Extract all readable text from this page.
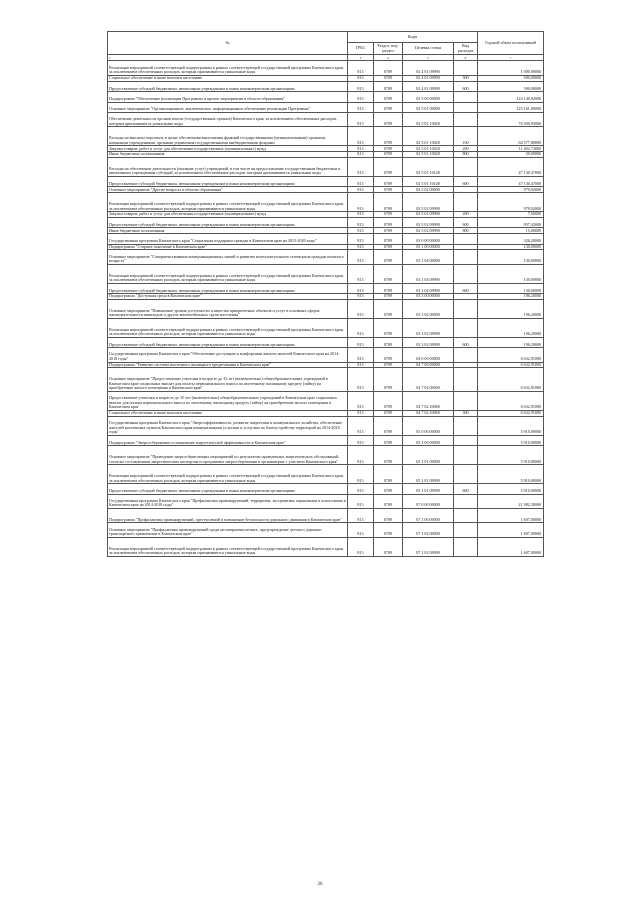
№	Коды				Годовой объем ассигнований
	ГРБС	Раздел, под-раздел	Целевая статья	Вид расходов	
1	3	4	5	6	7
Реализация мероприятий соответствующей подпрограммы в рамках соответствующей государственной программы Камчатского края, за исключением обеспеченных расходов, которым присваиваются уникальные коды	813	0709	02 4 01 09990		1 000,00000
Социальное обеспечение и иные выплаты населению	813	0709	02 4 01 09990	300	500,00000
Предоставление субсидий бюджетным, автономным учреждениям и иным некоммерческим организациям	813	0709	02 4 01 09990	600	500,00000
Подпрограмма "Обеспечение реализации Программы и прочие мероприятия в области образования"	813	0709	02 5 00 00000		124 140,92000
Основное мероприятие "Организационное, аналитическое, информационное обеспечение реализации Программы"	813	0709	02 5 01 00000		123 161,00000
Обеспечение деятельности органов власти (государственных органов) Камчатского края, за исключением обеспеченных расходов, которым присваиваются уникальные коды	813	0709	02 5 01 10020		76 030,93000
Расходы на выплаты персоналу в целях обеспечения выполнения функций государственными (муниципальными) органами, казенными учреждениями, органами управления государственными внебюджетными фондами	813	0709	02 5 01 10020	100	64 577,80000
Закупка товаров, работ и услуг для обеспечения государственных (муниципальных) нужд	813	0709	02 5 01 10020	200	11 402,73000
Иные бюджетные ассигнования	813	0709	02 5 01 10020	800	50,00000
Расходы на обеспечение деятельности (оказание услуг) учреждений, в том числе на предоставление государственным бюджетным и автономным учреждениям субсидий, за исключением обеспеченных расходов, которым присваиваются уникальные коды	813	0709	02 5 01 10140		47 130,47000
Предоставление субсидий бюджетным, автономным учреждениям и иным некоммерческим организациям	813	0709	02 5 01 10140	600	47 130,47000
Основное мероприятие "Другие вопросы в области образования"	813	0709	02 5 02 00000		979,92000
Реализация мероприятий соответствующей подпрограммы в рамках соответствующей государственной программы Камчатского края, за исключением обеспеченных расходов, которым присваиваются уникальные коды	813	0709	02 5 02 09990		979,92000
Закупка товаров, работ и услуг для обеспечения государственных (муниципальных) нужд	813	0709	02 5 02 09990	200	7,50000
Предоставление субсидий бюджетным, автономным учреждениям и иным некоммерческим организациям	813	0709	02 5 02 09990	600	957,42000
Иные бюджетные ассигнования	813	0709	02 5 02 09990	800	15,00000
Государственная программа Камчатского края "Социальная поддержка граждан в Камчатском крае на 2015-2020 годы"	813	0709	03 0 00 00000		326,20000
Подпрограмма "Старшее поколение в Камчатском крае"	813	0709	03 1 00 00000		130,00000
Основное мероприятие "Совершенствование коммуникационных связей и развитие интеллектуального потенциала граждан пожилого возраста"	813	0709	03 1 04 00000		130,00000
Реализация мероприятий соответствующей подпрограммы в рамках соответствующей государственной программы Камчатского края, за исключением обеспеченных расходов, которым присваиваются уникальные коды	813	0709	03 1 04 09990		130,00000
Предоставление субсидий бюджетным, автономным учреждениям и иным некоммерческим организациям	813	0709	03 1 04 09990	600	130,00000
Подпрограмма "Доступная среда в Камчатском крае"	813	0709	03 3 00 00000		196,20000
Основное мероприятие "Повышение уровня доступности и качества приоритетных объектов и услуг в основных сферах жизнедеятельности инвалидов и других маломобильных групп населения"	813	0709	03 3 02 00000		196,20000
Реализация мероприятий соответствующей подпрограммы в рамках соответствующей государственной программы Камчатского края, за исключением обеспеченных расходов, которым присваиваются уникальные коды	813	0709	03 3 02 09990		196,20000
Предоставление субсидий бюджетным, автономным учреждениям и иным некоммерческим организациям	813	0709	03 3 02 09990	600	196,20000
Государственная программа Камчатского края "Обеспечение доступным и комфортным жильем жителей Камчатского края на 2014-2018 годы"	813	0709	04 0 00 00000		6 632,91000
Подпрограмма "Развитие системы ипотечного жилищного кредитования в Камчатском крае"	813	0709	04 7 00 00000		6 632,91000
Основное мероприятие "Предоставление учителям в возрасте до 35 лет (включительно) общеобразовательных учреждений в Камчатском крае социальных выплат для оплаты первоначального взноса по ипотечному жилищному кредиту (займу) на приобретение жилого помещения в Камчатском крае"	813	0709	04 7 02 00000		6 632,91000
Предоставление учителям в возрасте до 35 лет (включительно) общеобразовательных учреждений в Камчатском крае социальных выплат для оплаты первоначального взноса по ипотечному жилищному кредиту (займу) на приобретение жилого помещения в Камчатском крае	813	0709	04 7 02 20060		6 632,91000
Социальное обеспечение и иные выплаты населению	813	0709	04 7 02 20060	300	6 632,91000
Государственная программа Камчатского края "Энергоэффективность, развитие энергетики и коммунального хозяйства, обеспечение жителей населенных пунктов Камчатского края коммунальными услугами и услугами по благоустройству территорий на 2014-2018 годы"	813	0709	05 0 00 00000		5 910,00000
Подпрограмма "Энергосбережение и повышение энергетической эффективности в Камчатском крае"	813	0709	05 1 00 00000		5 910,00000
Основное мероприятие "Проведение энергосберегающих мероприятий по результатам проведенных энергетических обследований, согласно составленным энергетическим паспортам и программам энергосбережения в организациях с участием Камчатского края"	813	0709	05 1 01 00000		5 910,00000
Реализация мероприятий соответствующей подпрограммы в рамках соответствующей государственной программы Камчатского края, за исключением обеспеченных расходов, которым присваиваются уникальные коды	813	0709	05 1 01 09990		5 910,00000
Предоставление субсидий бюджетным, автономным учреждениям и иным некоммерческим организациям	813	0709	05 1 01 09990	600	5 910,00000
Государственная программа Камчатского края "Профилактика правонарушений, терроризма, экстремизма, наркомании и алкоголизма в Камчатском крае на 2014-2018 годы"	813	0709	07 0 00 00000		21 982,30000
Подпрограмма "Профилактика правонарушений, преступлений и повышение безопасности дорожного движения в Камчатском крае"	813	0709	07 1 00 00000		1 607,00000
Основное мероприятие "Профилактика правонарушений среди несовершеннолетних, предупреждение детского дорожно-транспортного травматизма в Камчатском крае"	813	0709	07 1 02 00000		1 607,00000
Реализация мероприятий соответствующей подпрограммы в рамках соответствующей государственной программы Камчатского края, за исключением обеспеченных расходов, которым присваиваются уникальные коды	813	0709	07 1 02 09990		1 607,00000
26
